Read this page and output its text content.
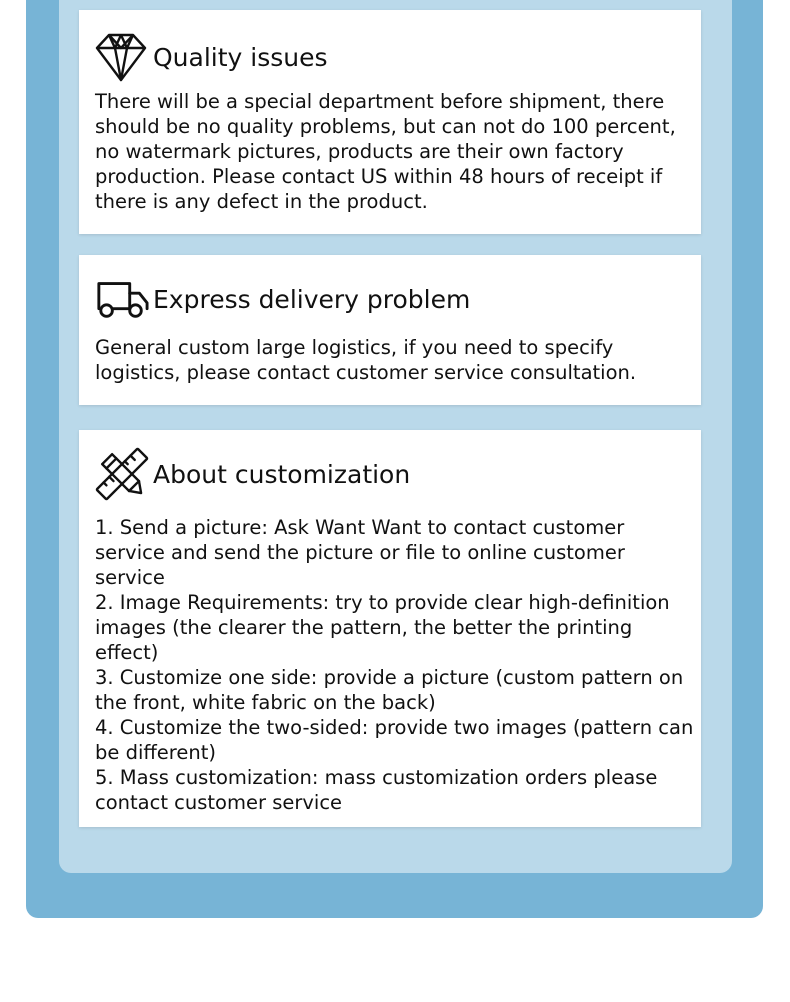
Quality issues

There will be a special department before shipment, there should be no quality problems, but can not do 100 percent, no watermark pictures, products are their own factory production. Please contact US within 48 hours of receipt if there is any defect in the product.

Express delivery problem

General custom large logistics, if you need to specify logistics, please contact customer service consultation.

About customization
1. Send a picture: Ask Want Want to contact customer service and send the picture or file to online customer service
2. Image Requirements: try to provide clear high-definition images (the clearer the pattern, the better the printing effect)
3. Customize one side: provide a picture (custom pattern on the front, white fabric on the back)
4. Customize the two-sided: provide two images (pattern can be different)
5. Mass customization: mass customization orders please contact customer service
